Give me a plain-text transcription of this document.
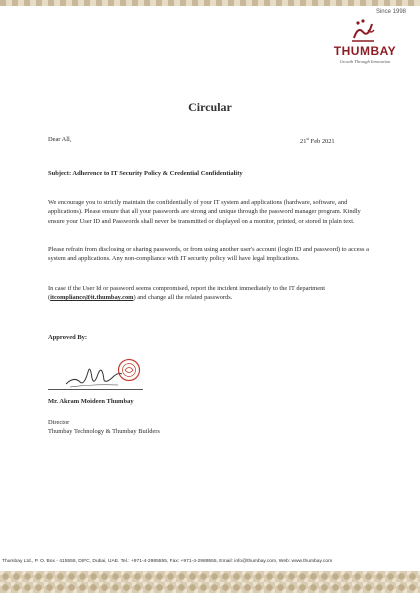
Since 1998
THUMBAY
Growth Through Innovation
Circular
Dear All,	21st Feb 2021
Subject: Adherence to IT Security Policy & Credential Confidentiality

We encourage you to strictly maintain the confidentially of your IT system and applications (hardware, software, and applications). Please ensure that all your passwords are strong and unique through the password manager program. Kindly ensure your User ID and Passwords shall never be transmitted or displayed on a monitor, printed, or stored in plain text.

Please refrain from disclosing or sharing passwords, or from using another user's account (login ID and password) to access a system and applications. Any non-compliance with IT security policy will have legal implications.

In case if the User Id or password seems compromised, report the incident immediately to the IT department (itcompliance@it.thumbay.com) and change all the related passwords.

Approved By:
Mr. Akram Moideen Thumbay
Director
Thumbay Technology & Thumbay Builders
Thumbay Ltd., P. O. Box - 415555, DIFC, Dubai, UAE. Tel.: +971-4-2985555, Fax: +971-4-2989555, Email: info@thumbay.com, Web: www.thumbay.com
